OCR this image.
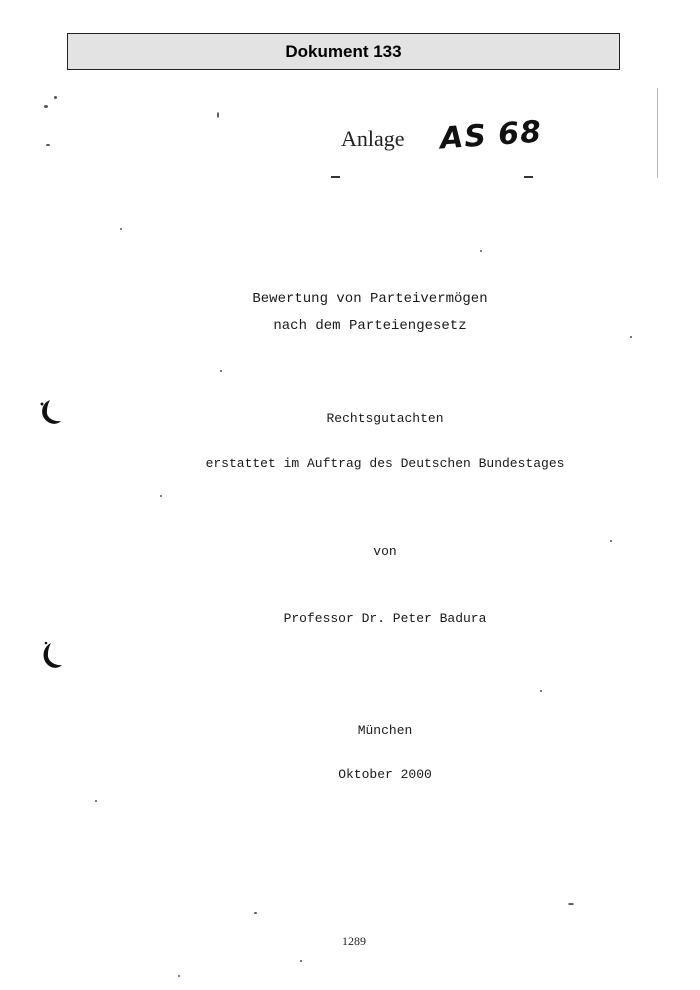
Dokument 133
Anlage AS 68
Bewertung von Parteivermögen
nach dem Parteiengesetz
Rechtsgutachten
erstattet im Auftrag des Deutschen Bundestages
von
Professor Dr. Peter Badura
München
Oktober 2000
1289
